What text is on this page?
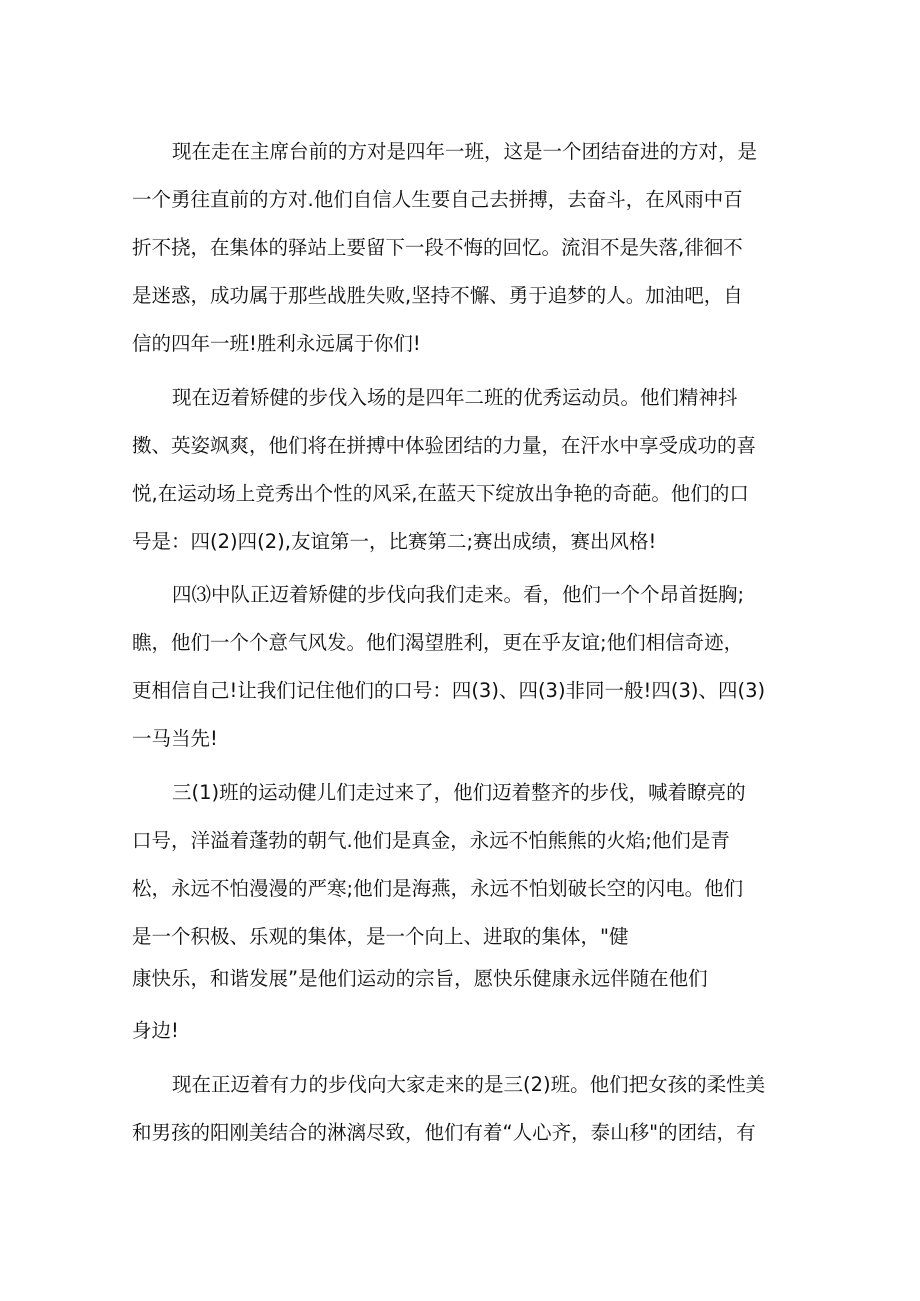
现在走在主席台前的方对是四年一班，这是一个团结奋进的方对，是
一个勇往直前的方对.他们自信人生要自己去拼搏，去奋斗，在风雨中百
折不挠，在集体的驿站上要留下一段不悔的回忆。流泪不是失落,徘徊不
是迷惑，成功属于那些战胜失败,坚持不懈、勇于追梦的人。加油吧，自
信的四年一班!胜利永远属于你们!
现在迈着矫健的步伐入场的是四年二班的优秀运动员。他们精神抖
擞、英姿飒爽，他们将在拼搏中体验团结的力量，在汗水中享受成功的喜
悦,在运动场上竞秀出个性的风采,在蓝天下绽放出争艳的奇葩。他们的口
号是：四(2)四(2),友谊第一，比赛第二;赛出成绩，赛出风格!
四⑶中队正迈着矫健的步伐向我们走来。看，他们一个个昂首挺胸;
瞧，他们一个个意气风发。他们渴望胜利，更在乎友谊;他们相信奇迹，
更相信自己!让我们记住他们的口号：四(3)、四(3)非同一般!四(3)、四(3)
一马当先!
三(1)班的运动健儿们走过来了，他们迈着整齐的步伐，喊着瞭亮的
口号，洋溢着蓬勃的朝气.他们是真金，永远不怕熊熊的火焰;他们是青
松，永远不怕漫漫的严寒;他们是海燕，永远不怕划破长空的闪电。他们
是一个积极、乐观的集体，是一个向上、进取的集体，"健
康快乐，和谐发展”是他们运动的宗旨，愿快乐健康永远伴随在他们
身边!
现在正迈着有力的步伐向大家走来的是三(2)班。他们把女孩的柔性美
和男孩的阳刚美结合的淋漓尽致，他们有着“人心齐，泰山移"的团结，有
